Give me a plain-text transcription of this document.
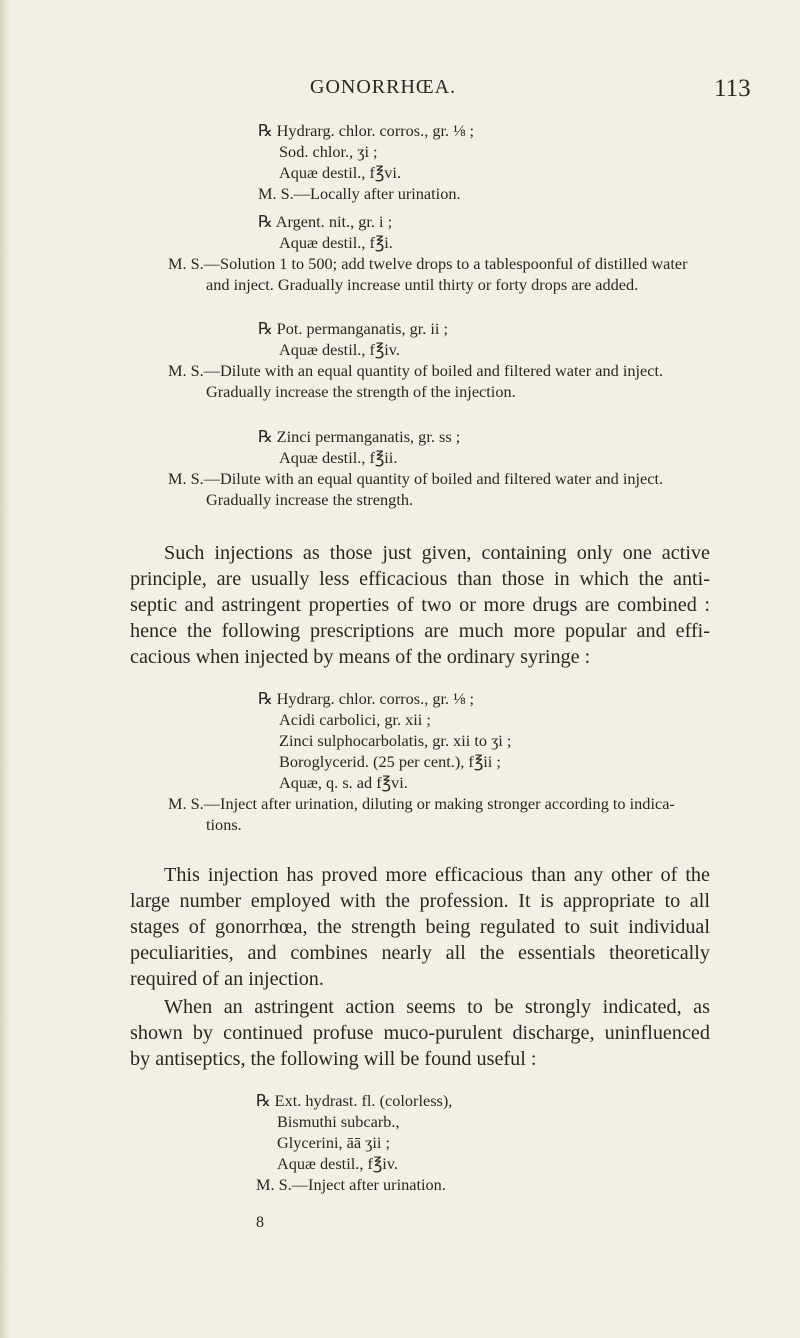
GONORRHŒA.	113
℞ Hydrarg. chlor. corros., gr. ⅛ ;
Sod. chlor., ʒi ;
Aquæ destil., f℥vi.
M. S.—Locally after urination.
℞ Argent. nit., gr. i ;
Aquæ destil., f℥i.
M. S.—Solution 1 to 500; add twelve drops to a tablespoonful of distilled water
and inject. Gradually increase until thirty or forty drops are added.
℞ Pot. permanganatis, gr. ii ;
Aquæ destil., f℥iv.
M. S.—Dilute with an equal quantity of boiled and filtered water and inject.
Gradually increase the strength of the injection.
℞ Zinci permanganatis, gr. ss ;
Aquæ destil., f℥ii.
M. S.—Dilute with an equal quantity of boiled and filtered water and inject.
Gradually increase the strength.
Such injections as those just given, containing only one active
principle, are usually less efficacious than those in which the anti-
septic and astringent properties of two or more drugs are combined :
hence the following prescriptions are much more popular and effi-
cacious when injected by means of the ordinary syringe :
℞ Hydrarg. chlor. corros., gr. ⅛ ;
Acidi carbolici, gr. xii ;
Zinci sulphocarbolatis, gr. xii to ʒi ;
Boroglycerid. (25 per cent.), f℥ii ;
Aquæ, q. s. ad f℥vi.
M. S.—Inject after urination, diluting or making stronger according to indica-
tions.
This injection has proved more efficacious than any other of the
large number employed with the profession. It is appropriate to all
stages of gonorrhœa, the strength being regulated to suit individual
peculiarities, and combines nearly all the essentials theoretically
required of an injection.
When an astringent action seems to be strongly indicated, as
shown by continued profuse muco-purulent discharge, uninfluenced
by antiseptics, the following will be found useful :
℞ Ext. hydrast. fl. (colorless),
Bismuthi subcarb.,
Glycerini, āā ʒii ;
Aquæ destil., f℥iv.
M. S.—Inject after urination.
8
